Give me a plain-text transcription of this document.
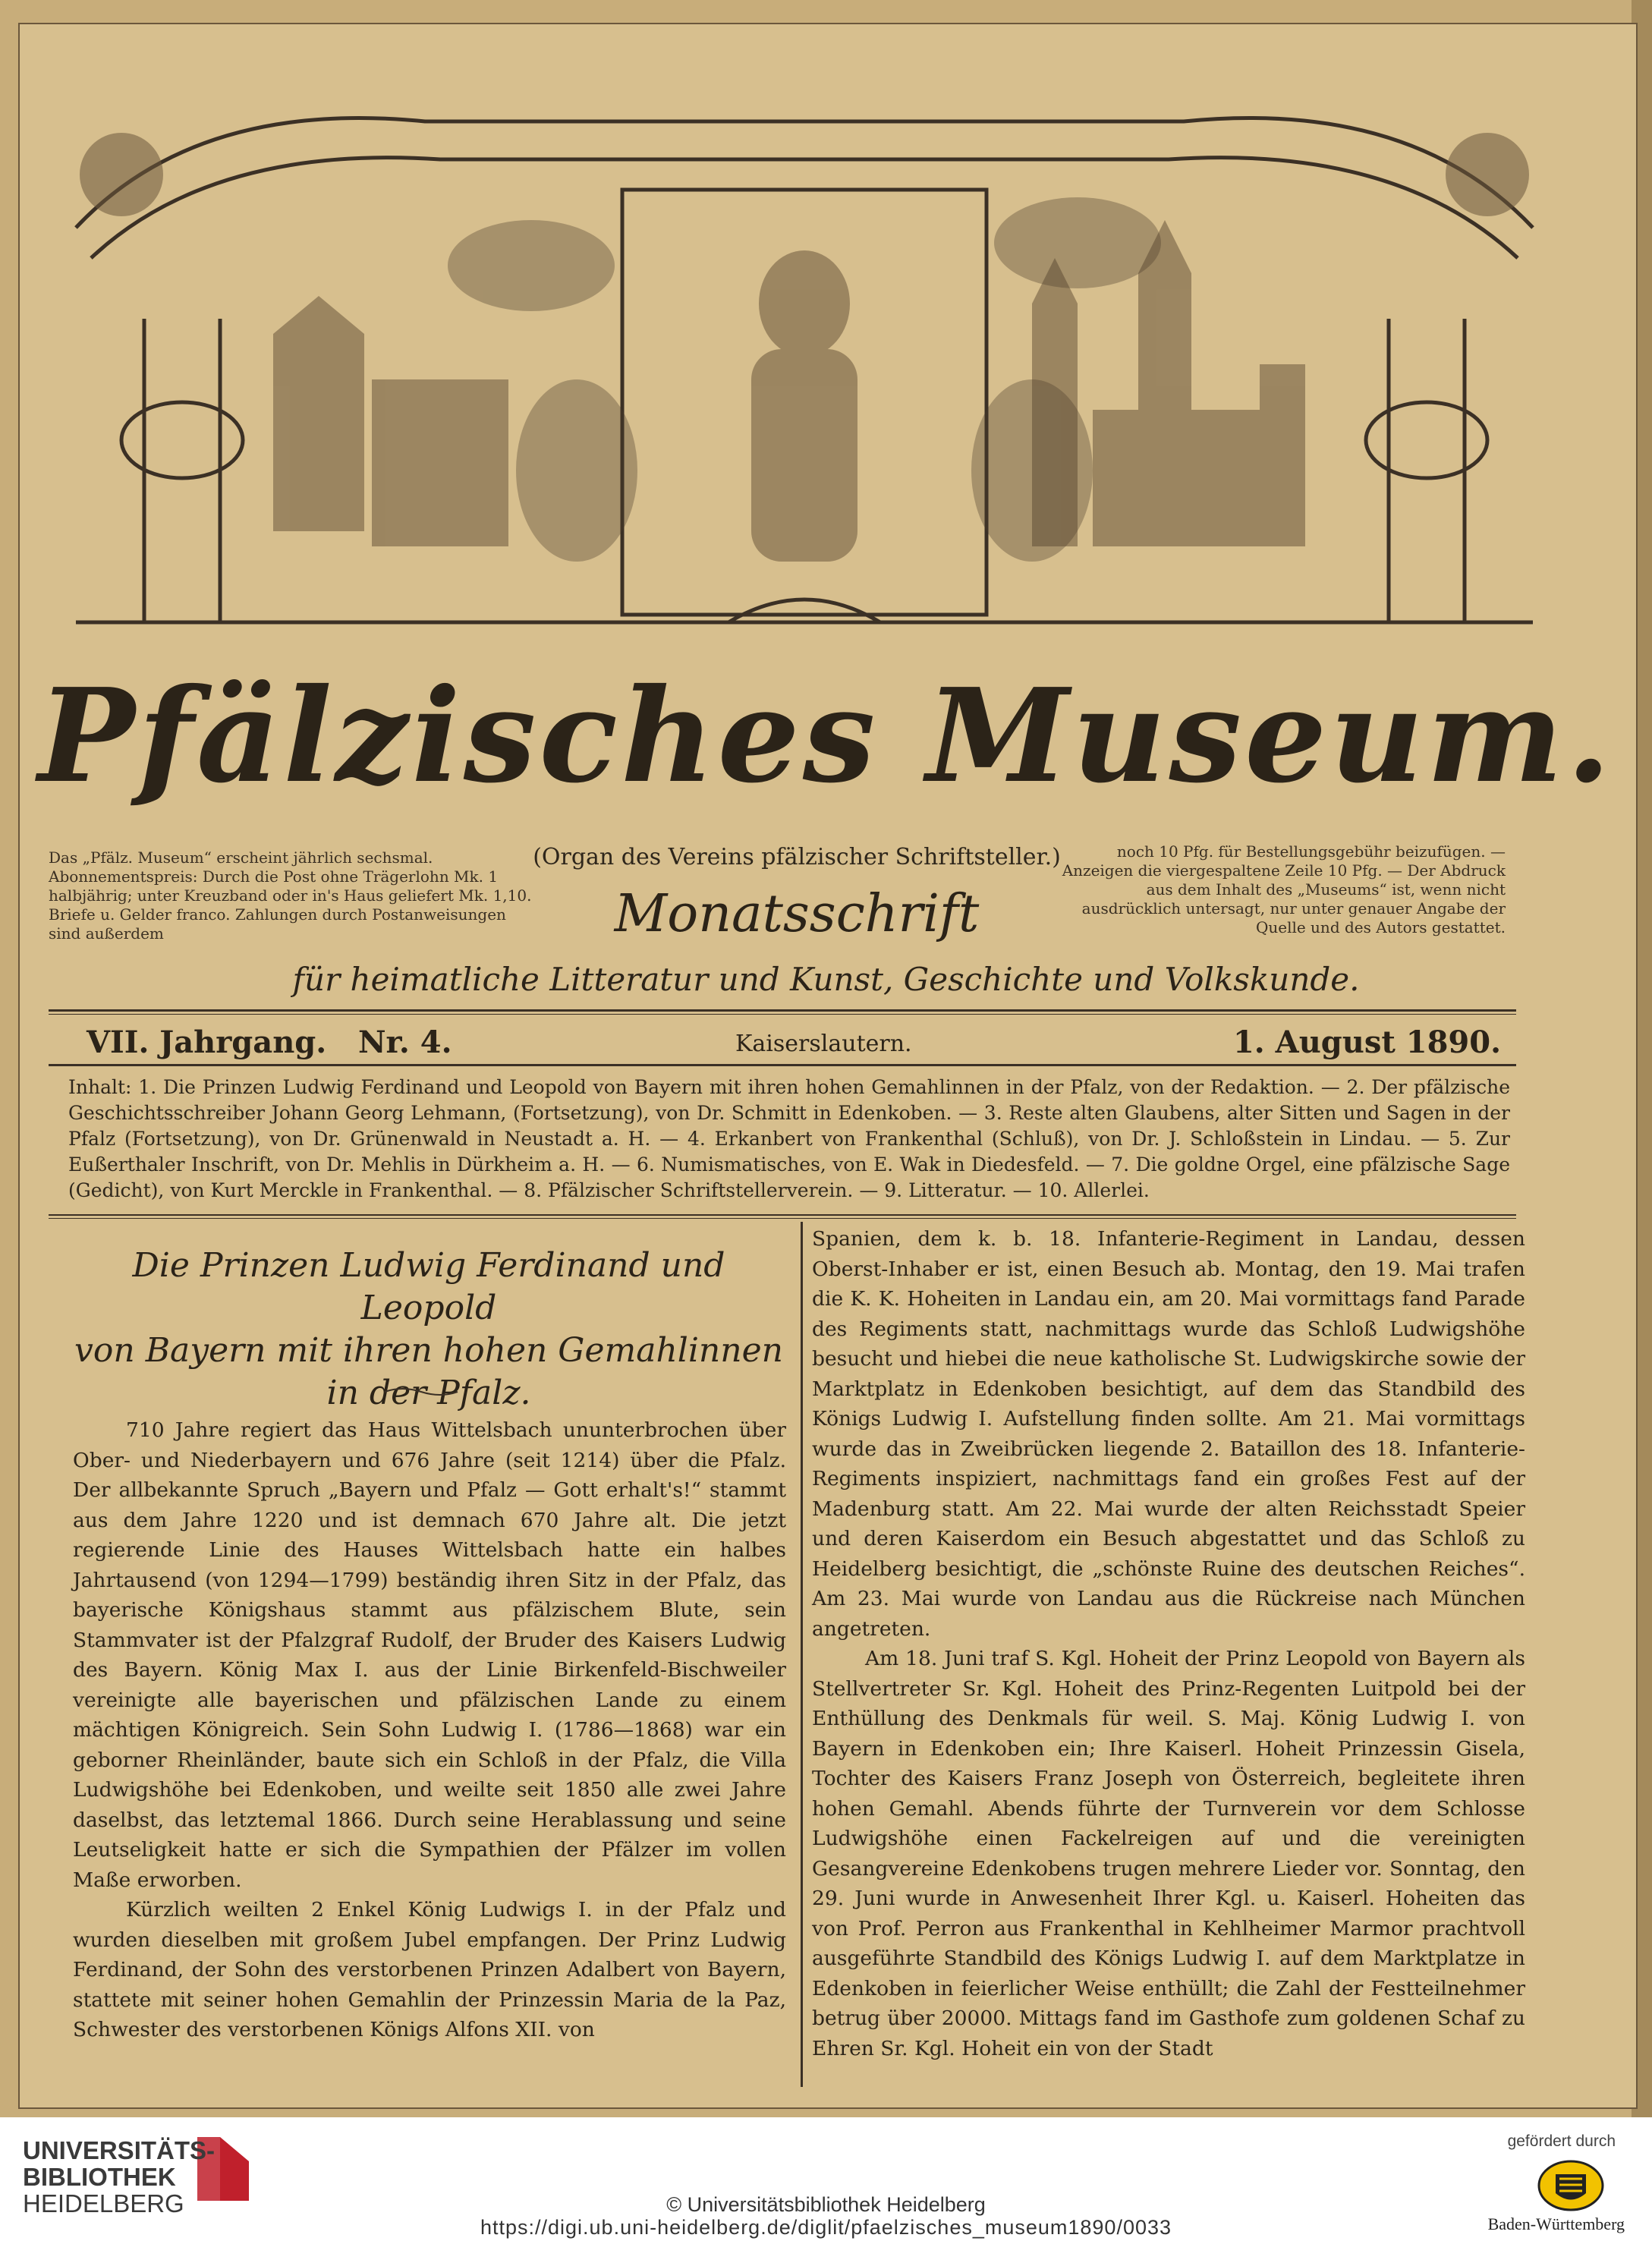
Pfälzisches Museum.
Das „Pfälz. Museum“ erscheint jährlich sechsmal. Abonnementspreis: Durch die Post ohne Trägerlohn Mk. 1 halbjährig; unter Kreuzband oder in's Haus geliefert Mk. 1,10. Briefe u. Gelder franco. Zahlungen durch Postanweisungen sind außerdem
(Organ des Vereins pfälzischer Schriftsteller.)
Monatsschrift
noch 10 Pfg. für Bestellungsgebühr beizufügen. — Anzeigen die viergespaltene Zeile 10 Pfg. — Der Abdruck aus dem Inhalt des „Museums“ ist, wenn nicht ausdrücklich untersagt, nur unter genauer Angabe der Quelle und des Autors gestattet.
für heimatliche Litteratur und Kunst, Geschichte und Volkskunde.
VII. Jahrgang. Nr. 4.	Kaiserslautern.	1. August 1890.
Inhalt: 1. Die Prinzen Ludwig Ferdinand und Leopold von Bayern mit ihren hohen Gemahlinnen in der Pfalz, von der Redaktion. — 2. Der pfälzische Geschichtsschreiber Johann Georg Lehmann, (Fortsetzung), von Dr. Schmitt in Edenkoben. — 3. Reste alten Glaubens, alter Sitten und Sagen in der Pfalz (Fortsetzung), von Dr. Grünenwald in Neustadt a. H. — 4. Erkanbert von Frankenthal (Schluß), von Dr. J. Schloßstein in Lindau. — 5. Zur Eußerthaler Inschrift, von Dr. Mehlis in Dürkheim a. H. — 6. Numismatisches, von E. Wak in Diedesfeld. — 7. Die goldne Orgel, eine pfälzische Sage (Gedicht), von Kurt Merckle in Frankenthal. — 8. Pfälzischer Schriftstellerverein. — 9. Litteratur. — 10. Allerlei.
Die Prinzen Ludwig Ferdinand und Leopold
von Bayern mit ihren hohen Gemahlinnen
in der Pfalz.

710 Jahre regiert das Haus Wittelsbach ununterbrochen über Ober- und Niederbayern und 676 Jahre (seit 1214) über die Pfalz. Der allbekannte Spruch „Bayern und Pfalz — Gott erhalt's!“ stammt aus dem Jahre 1220 und ist demnach 670 Jahre alt. Die jetzt regierende Linie des Hauses Wittelsbach hatte ein halbes Jahrtausend (von 1294—1799) beständig ihren Sitz in der Pfalz, das bayerische Königshaus stammt aus pfälzischem Blute, sein Stammvater ist der Pfalzgraf Rudolf, der Bruder des Kaisers Ludwig des Bayern. König Max I. aus der Linie Birkenfeld-Bischweiler vereinigte alle bayerischen und pfälzischen Lande zu einem mächtigen Königreich. Sein Sohn Ludwig I. (1786—1868) war ein geborner Rheinländer, baute sich ein Schloß in der Pfalz, die Villa Ludwigshöhe bei Edenkoben, und weilte seit 1850 alle zwei Jahre daselbst, das letztemal 1866. Durch seine Herablassung und seine Leutseligkeit hatte er sich die Sympathien der Pfälzer im vollen Maße erworben.

Kürzlich weilten 2 Enkel König Ludwigs I. in der Pfalz und wurden dieselben mit großem Jubel empfangen. Der Prinz Ludwig Ferdinand, der Sohn des verstorbenen Prinzen Adalbert von Bayern, stattete mit seiner hohen Gemahlin der Prinzessin Maria de la Paz, Schwester des verstorbenen Königs Alfons XII. von

Spanien, dem k. b. 18. Infanterie-Regiment in Landau, dessen Oberst-Inhaber er ist, einen Besuch ab. Montag, den 19. Mai trafen die K. K. Hoheiten in Landau ein, am 20. Mai vormittags fand Parade des Regiments statt, nachmittags wurde das Schloß Ludwigshöhe besucht und hiebei die neue katholische St. Ludwigskirche sowie der Marktplatz in Edenkoben besichtigt, auf dem das Standbild des Königs Ludwig I. Aufstellung finden sollte. Am 21. Mai vormittags wurde das in Zweibrücken liegende 2. Bataillon des 18. Infanterie-Regiments inspiziert, nachmittags fand ein großes Fest auf der Madenburg statt. Am 22. Mai wurde der alten Reichsstadt Speier und deren Kaiserdom ein Besuch abgestattet und das Schloß zu Heidelberg besichtigt, die „schönste Ruine des deutschen Reiches“. Am 23. Mai wurde von Landau aus die Rückreise nach München angetreten.

Am 18. Juni traf S. Kgl. Hoheit der Prinz Leopold von Bayern als Stellvertreter Sr. Kgl. Hoheit des Prinz-Regenten Luitpold bei der Enthüllung des Denkmals für weil. S. Maj. König Ludwig I. von Bayern in Edenkoben ein; Ihre Kaiserl. Hoheit Prinzessin Gisela, Tochter des Kaisers Franz Joseph von Österreich, begleitete ihren hohen Gemahl. Abends führte der Turnverein vor dem Schlosse Ludwigshöhe einen Fackelreigen auf und die vereinigten Gesangvereine Edenkobens trugen mehrere Lieder vor. Sonntag, den 29. Juni wurde in Anwesenheit Ihrer Kgl. u. Kaiserl. Hoheiten das von Prof. Perron aus Frankenthal in Kehlheimer Marmor prachtvoll ausgeführte Standbild des Königs Ludwig I. auf dem Marktplatze in Edenkoben in feierlicher Weise enthüllt; die Zahl der Festteilnehmer betrug über 20000. Mittags fand im Gasthofe zum goldenen Schaf zu Ehren Sr. Kgl. Hoheit ein von der Stadt

UNIVERSITÄTS-
BIBLIOTHEK
HEIDELBERG	© Universitätsbibliothek Heidelberg
https://digi.ub.uni-heidelberg.de/diglit/pfaelzisches_museum1890/0033
gefördert durch
Baden-Württemberg
